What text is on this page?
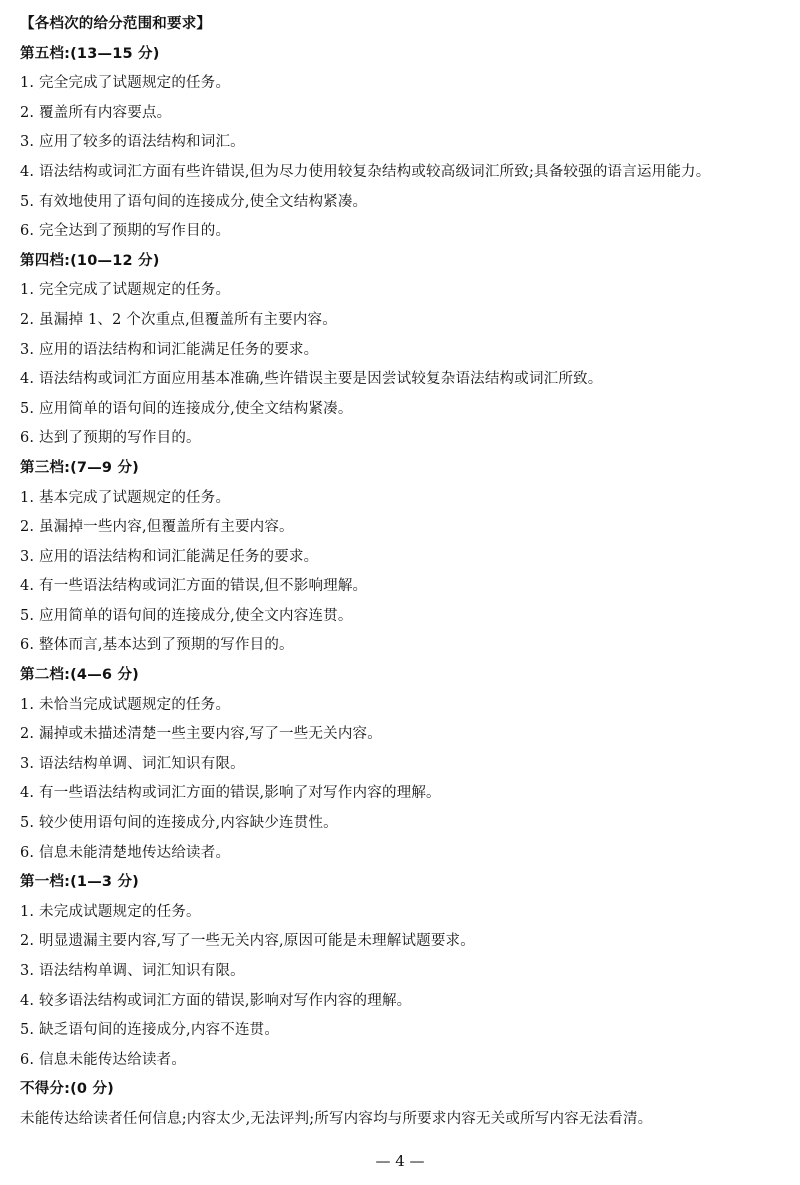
【各档次的给分范围和要求】
第五档:(13—15 分)
1. 完全完成了试题规定的任务。
2. 覆盖所有内容要点。
3. 应用了较多的语法结构和词汇。
4. 语法结构或词汇方面有些许错误,但为尽力使用较复杂结构或较高级词汇所致;具备较强的语言运用能力。
5. 有效地使用了语句间的连接成分,使全文结构紧凑。
6. 完全达到了预期的写作目的。
第四档:(10—12 分)
1. 完全完成了试题规定的任务。
2. 虽漏掉 1、2 个次重点,但覆盖所有主要内容。
3. 应用的语法结构和词汇能满足任务的要求。
4. 语法结构或词汇方面应用基本准确,些许错误主要是因尝试较复杂语法结构或词汇所致。
5. 应用简单的语句间的连接成分,使全文结构紧凑。
6. 达到了预期的写作目的。
第三档:(7—9 分)
1. 基本完成了试题规定的任务。
2. 虽漏掉一些内容,但覆盖所有主要内容。
3. 应用的语法结构和词汇能满足任务的要求。
4. 有一些语法结构或词汇方面的错误,但不影响理解。
5. 应用简单的语句间的连接成分,使全文内容连贯。
6. 整体而言,基本达到了预期的写作目的。
第二档:(4—6 分)
1. 未恰当完成试题规定的任务。
2. 漏掉或未描述清楚一些主要内容,写了一些无关内容。
3. 语法结构单调、词汇知识有限。
4. 有一些语法结构或词汇方面的错误,影响了对写作内容的理解。
5. 较少使用语句间的连接成分,内容缺少连贯性。
6. 信息未能清楚地传达给读者。
第一档:(1—3 分)
1. 未完成试题规定的任务。
2. 明显遗漏主要内容,写了一些无关内容,原因可能是未理解试题要求。
3. 语法结构单调、词汇知识有限。
4. 较多语法结构或词汇方面的错误,影响对写作内容的理解。
5. 缺乏语句间的连接成分,内容不连贯。
6. 信息未能传达给读者。
不得分:(0 分)
未能传达给读者任何信息;内容太少,无法评判;所写内容均与所要求内容无关或所写内容无法看清。
— 4 —
